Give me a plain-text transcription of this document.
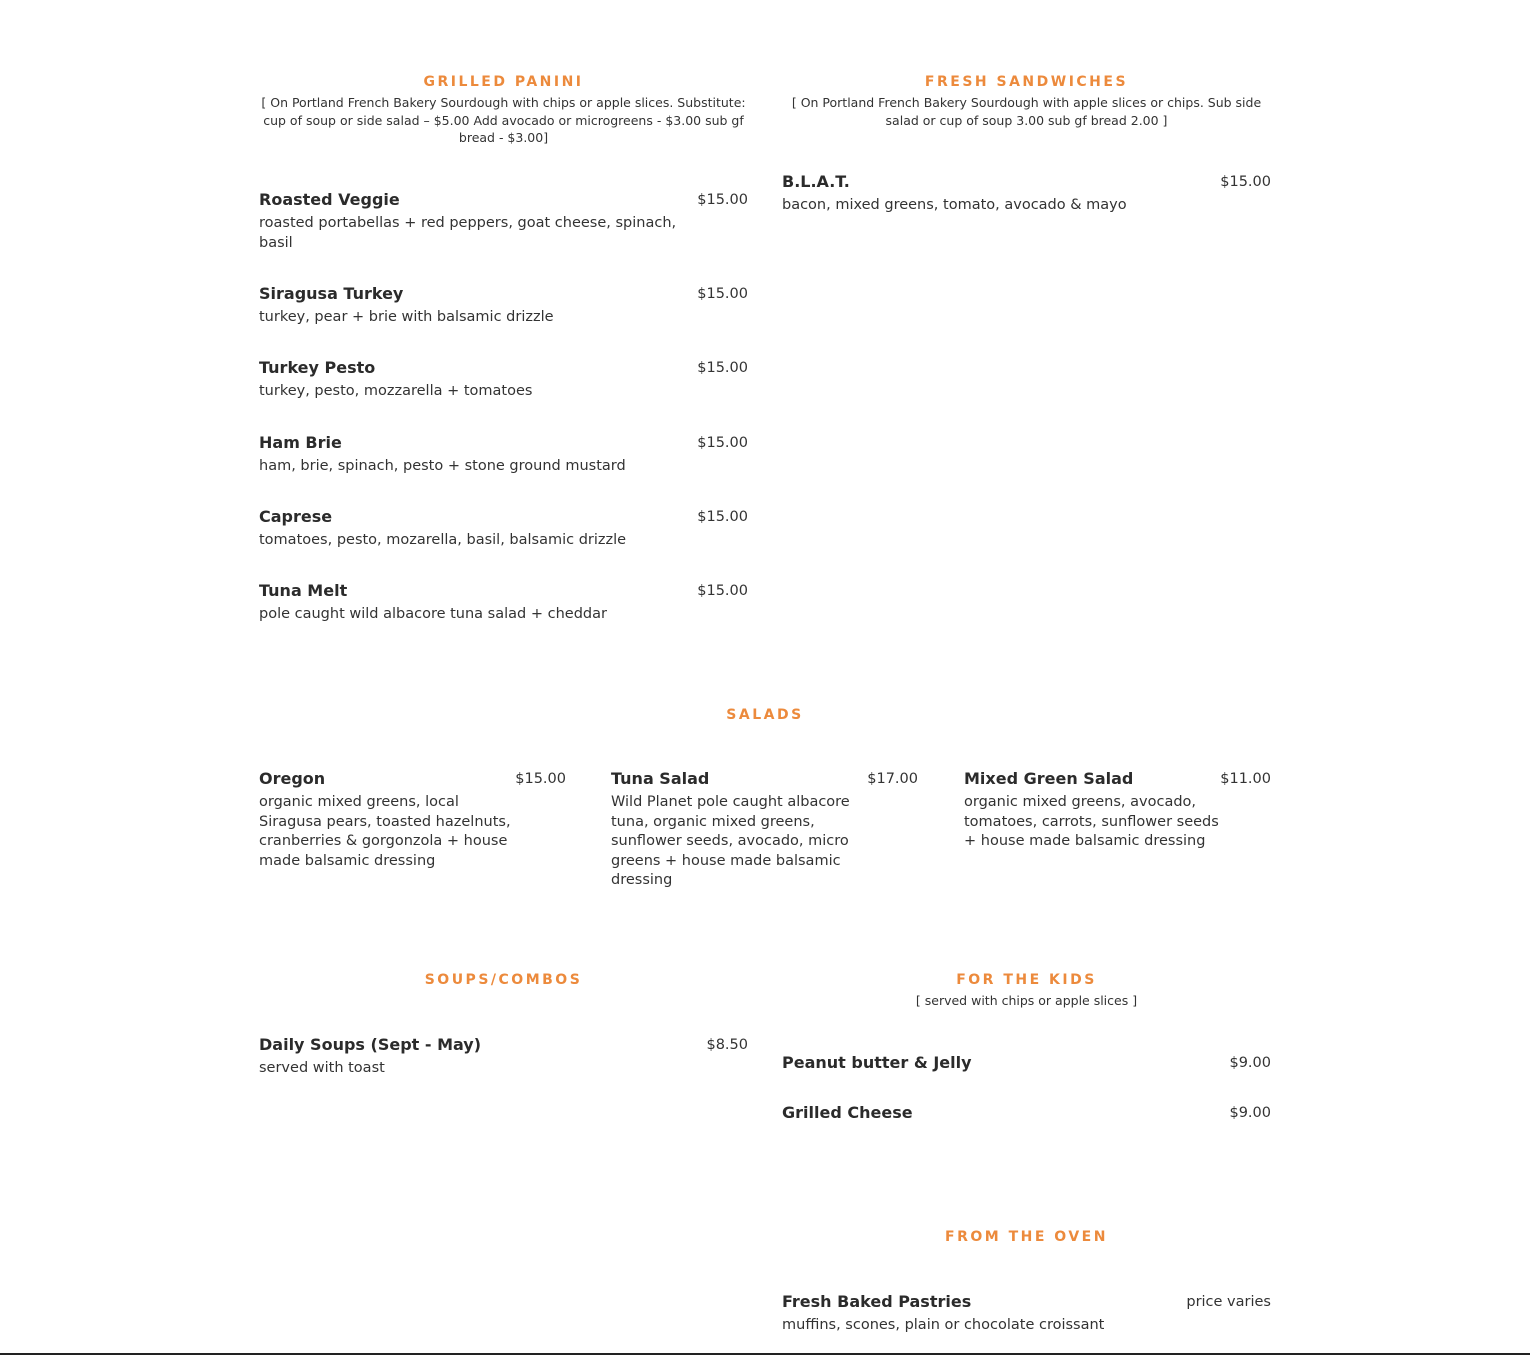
GRILLED PANINI

[ On Portland French Bakery Sourdough with chips or apple slices. Substitute: cup of soup or side salad – $5.00 Add avocado or microgreens - $3.00 sub gf bread - $3.00]

Roasted Veggie	$15.00
roasted portabellas + red peppers, goat cheese, spinach, basil
Siragusa Turkey	$15.00
turkey, pear + brie with balsamic drizzle
Turkey Pesto	$15.00
turkey, pesto, mozzarella + tomatoes
Ham Brie	$15.00
ham, brie, spinach, pesto + stone ground mustard
Caprese	$15.00
tomatoes, pesto, mozarella, basil, balsamic drizzle
Tuna Melt	$15.00
pole caught wild albacore tuna salad + cheddar
FRESH SANDWICHES

[ On Portland French Bakery Sourdough with apple slices or chips. Sub side salad or cup of soup 3.00 sub gf bread 2.00 ]

B.L.A.T.	$15.00
bacon, mixed greens, tomato, avocado & mayo
SALADS
Oregon	$15.00
organic mixed greens, local Siragusa pears, toasted hazelnuts, cranberries & gorgonzola + house made balsamic dressing
Tuna Salad	$17.00
Wild Planet pole caught albacore tuna, organic mixed greens, sunflower seeds, avocado, micro greens + house made balsamic dressing
Mixed Green Salad	$11.00
organic mixed greens, avocado, tomatoes, carrots, sunflower seeds + house made balsamic dressing
SOUPS/COMBOS
Daily Soups (Sept - May)	$8.50
served with toast
FOR THE KIDS

[ served with chips or apple slices ]

Peanut butter & Jelly	$9.00
Grilled Cheese	$9.00
FROM THE OVEN
Fresh Baked Pastries	price varies
muffins, scones, plain or chocolate croissant
